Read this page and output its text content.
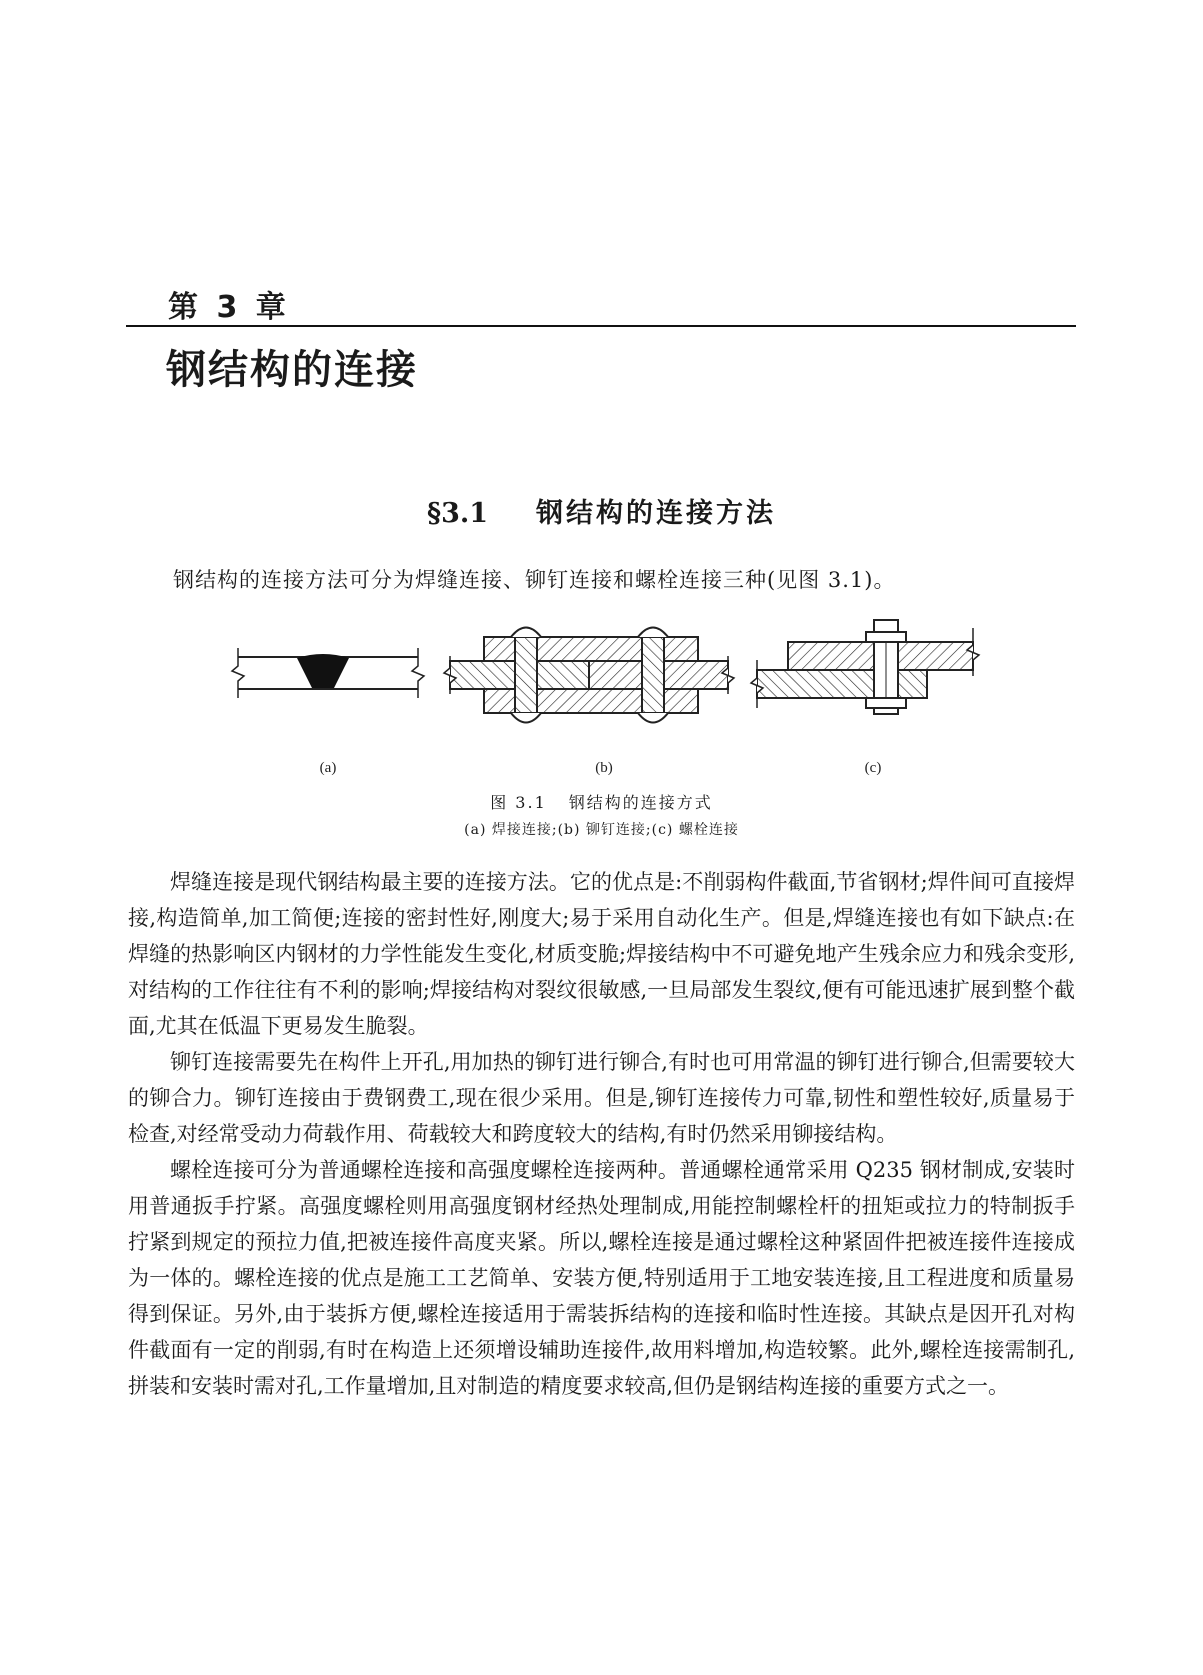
第 3 章
钢结构的连接
§3.1 钢结构的连接方法
钢结构的连接方法可分为焊缝连接、铆钉连接和螺栓连接三种(见图 3.1)。
(a)	(b)	(c)
图 3.1 钢结构的连接方式
(a) 焊接连接;(b) 铆钉连接;(c) 螺栓连接

焊缝连接是现代钢结构最主要的连接方法。它的优点是:不削弱构件截面,节省钢材;焊件间可直接焊接,构造简单,加工简便;连接的密封性好,刚度大;易于采用自动化生产。但是,焊缝连接也有如下缺点:在焊缝的热影响区内钢材的力学性能发生变化,材质变脆;焊接结构中不可避免地产生残余应力和残余变形,对结构的工作往往有不利的影响;焊接结构对裂纹很敏感,一旦局部发生裂纹,便有可能迅速扩展到整个截面,尤其在低温下更易发生脆裂。

铆钉连接需要先在构件上开孔,用加热的铆钉进行铆合,有时也可用常温的铆钉进行铆合,但需要较大的铆合力。铆钉连接由于费钢费工,现在很少采用。但是,铆钉连接传力可靠,韧性和塑性较好,质量易于检查,对经常受动力荷载作用、荷载较大和跨度较大的结构,有时仍然采用铆接结构。

螺栓连接可分为普通螺栓连接和高强度螺栓连接两种。普通螺栓通常采用 Q235 钢材制成,安装时用普通扳手拧紧。高强度螺栓则用高强度钢材经热处理制成,用能控制螺栓杆的扭矩或拉力的特制扳手拧紧到规定的预拉力值,把被连接件高度夹紧。所以,螺栓连接是通过螺栓这种紧固件把被连接件连接成为一体的。螺栓连接的优点是施工工艺简单、安装方便,特别适用于工地安装连接,且工程进度和质量易得到保证。另外,由于装拆方便,螺栓连接适用于需装拆结构的连接和临时性连接。其缺点是因开孔对构件截面有一定的削弱,有时在构造上还须增设辅助连接件,故用料增加,构造较繁。此外,螺栓连接需制孔,拼装和安装时需对孔,工作量增加,且对制造的精度要求较高,但仍是钢结构连接的重要方式之一。
